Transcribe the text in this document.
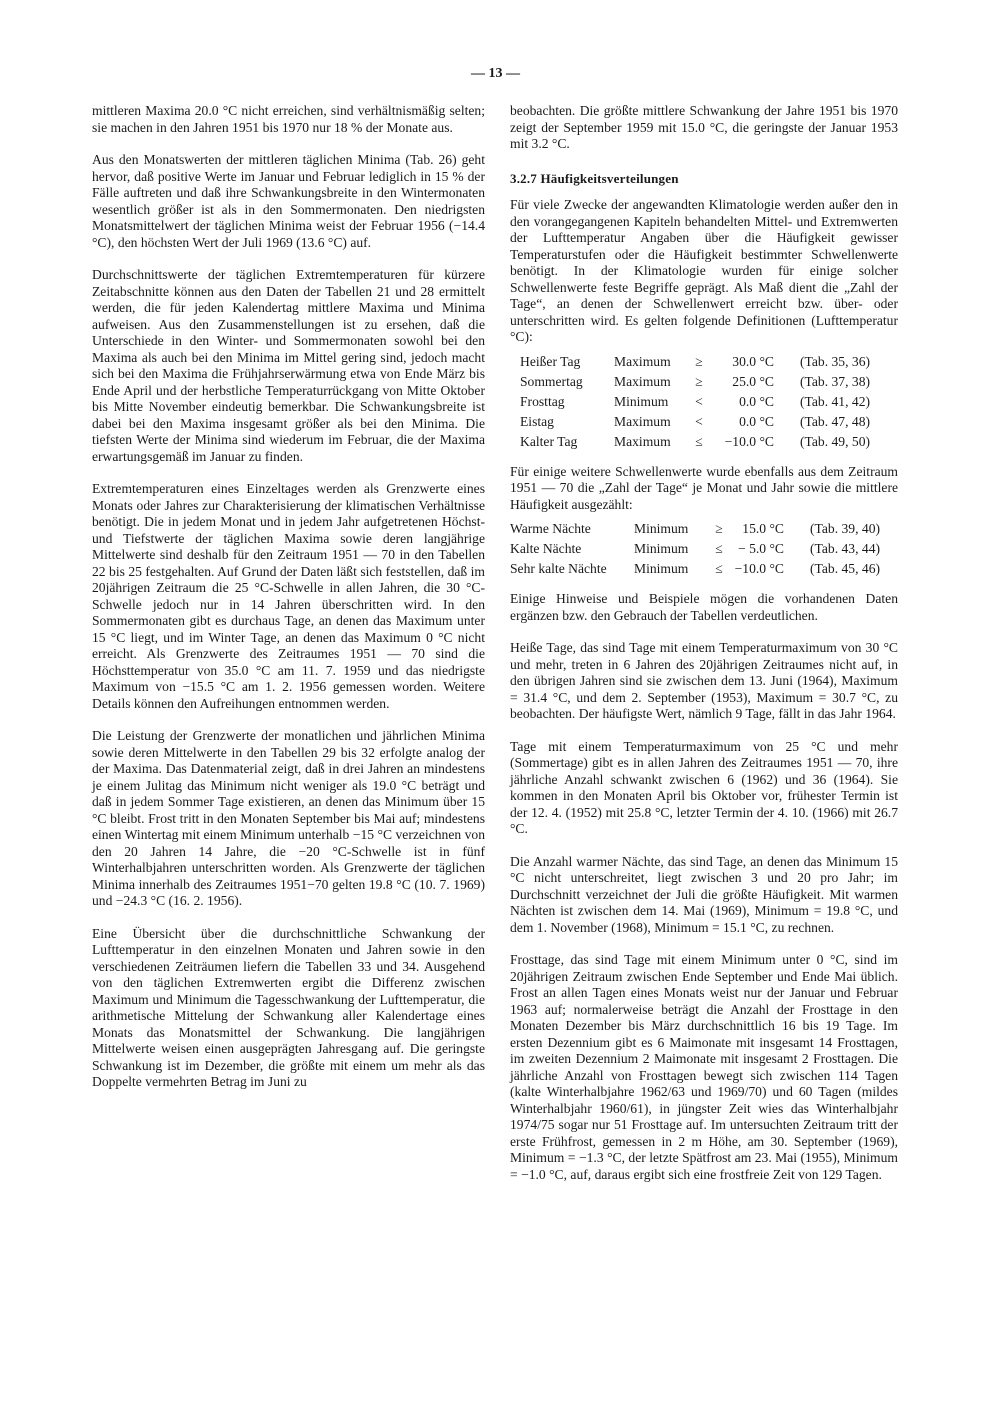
— 13 —

mittleren Maxima 20.0 °C nicht erreichen, sind verhältnismäßig selten; sie machen in den Jahren 1951 bis 1970 nur 18 % der Monate aus.

Aus den Monatswerten der mittleren täglichen Minima (Tab. 26) geht hervor, daß positive Werte im Januar und Februar lediglich in 15 % der Fälle auftreten und daß ihre Schwankungsbreite in den Wintermonaten wesentlich größer ist als in den Sommermonaten. Den niedrigsten Monatsmittelwert der täglichen Minima weist der Februar 1956 (−14.4 °C), den höchsten Wert der Juli 1969 (13.6 °C) auf.

Durchschnittswerte der täglichen Extremtemperaturen für kürzere Zeitabschnitte können aus den Daten der Tabellen 21 und 28 ermittelt werden, die für jeden Kalendertag mittlere Maxima und Minima aufweisen. Aus den Zusammenstellungen ist zu ersehen, daß die Unterschiede in den Winter- und Sommermonaten sowohl bei den Maxima als auch bei den Minima im Mittel gering sind, jedoch macht sich bei den Maxima die Frühjahrserwärmung etwa von Ende März bis Ende April und der herbstliche Temperaturrückgang von Mitte Oktober bis Mitte November eindeutig bemerkbar. Die Schwankungsbreite ist dabei bei den Maxima insgesamt größer als bei den Minima. Die tiefsten Werte der Minima sind wiederum im Februar, die der Maxima erwartungsgemäß im Januar zu finden.

Extremtemperaturen eines Einzeltages werden als Grenzwerte eines Monats oder Jahres zur Charakterisierung der klimatischen Verhältnisse benötigt. Die in jedem Monat und in jedem Jahr aufgetretenen Höchst- und Tiefstwerte der täglichen Maxima sowie deren langjährige Mittelwerte sind deshalb für den Zeitraum 1951 — 70 in den Tabellen 22 bis 25 festgehalten. Auf Grund der Daten läßt sich feststellen, daß im 20jährigen Zeitraum die 25 °C-Schwelle in allen Jahren, die 30 °C-Schwelle jedoch nur in 14 Jahren überschritten wird. In den Sommermonaten gibt es durchaus Tage, an denen das Maximum unter 15 °C liegt, und im Winter Tage, an denen das Maximum 0 °C nicht erreicht. Als Grenzwerte des Zeitraumes 1951 — 70 sind die Höchsttemperatur von 35.0 °C am 11. 7. 1959 und das niedrigste Maximum von −15.5 °C am 1. 2. 1956 gemessen worden. Weitere Details können den Aufreihungen entnommen werden.

Die Leistung der Grenzwerte der monatlichen und jährlichen Minima sowie deren Mittelwerte in den Tabellen 29 bis 32 erfolgte analog der der Maxima. Das Datenmaterial zeigt, daß in drei Jahren an mindestens je einem Julitag das Minimum nicht weniger als 19.0 °C beträgt und daß in jedem Sommer Tage existieren, an denen das Minimum über 15 °C bleibt. Frost tritt in den Monaten September bis Mai auf; mindestens einen Wintertag mit einem Minimum unterhalb −15 °C verzeichnen von den 20 Jahren 14 Jahre, die −20 °C-Schwelle ist in fünf Winterhalbjahren unterschritten worden. Als Grenzwerte der täglichen Minima innerhalb des Zeitraumes 1951−70 gelten 19.8 °C (10. 7. 1969) und −24.3 °C (16. 2. 1956).

Eine Übersicht über die durchschnittliche Schwankung der Lufttemperatur in den einzelnen Monaten und Jahren sowie in den verschiedenen Zeiträumen liefern die Tabellen 33 und 34. Ausgehend von den täglichen Extremwerten ergibt die Differenz zwischen Maximum und Minimum die Tagesschwankung der Lufttemperatur, die arithmetische Mittelung der Schwankung aller Kalendertage eines Monats das Monatsmittel der Schwankung. Die langjährigen Mittelwerte weisen einen ausgeprägten Jahresgang auf. Die geringste Schwankung ist im Dezember, die größte mit einem um mehr als das Doppelte vermehrten Betrag im Juni zu

beobachten. Die größte mittlere Schwankung der Jahre 1951 bis 1970 zeigt der September 1959 mit 15.0 °C, die geringste der Januar 1953 mit 3.2 °C.

3.2.7 Häufigkeitsverteilungen

Für viele Zwecke der angewandten Klimatologie werden außer den in den vorangegangenen Kapiteln behandelten Mittel- und Extremwerten der Lufttemperatur Angaben über die Häufigkeit gewisser Temperaturstufen oder die Häufigkeit bestimmter Schwellenwerte benötigt. In der Klimatologie wurden für einige solcher Schwellenwerte feste Begriffe geprägt. Als Maß dient die „Zahl der Tage“, an denen der Schwellenwert erreicht bzw. über- oder unterschritten wird. Es gelten folgende Definitionen (Lufttemperatur °C):

Heißer Tag	Maximum	≥	30.0 °C		(Tab. 35, 36)
Sommertag	Maximum	≥	25.0 °C		(Tab. 37, 38)
Frosttag	Minimum	<	0.0 °C		(Tab. 41, 42)
Eistag	Maximum	<	0.0 °C		(Tab. 47, 48)
Kalter Tag	Maximum	≤	−10.0 °C		(Tab. 49, 50)

Für einige weitere Schwellenwerte wurde ebenfalls aus dem Zeitraum 1951 — 70 die „Zahl der Tage“ je Monat und Jahr sowie die mittlere Häufigkeit ausgezählt:

Warme Nächte	Minimum	≥	15.0 °C		(Tab. 39, 40)
Kalte Nächte	Minimum	≤	− 5.0 °C		(Tab. 43, 44)
Sehr kalte Nächte	Minimum	≤	−10.0 °C		(Tab. 45, 46)

Einige Hinweise und Beispiele mögen die vorhandenen Daten ergänzen bzw. den Gebrauch der Tabellen verdeutlichen.

Heiße Tage, das sind Tage mit einem Temperaturmaximum von 30 °C und mehr, treten in 6 Jahren des 20jährigen Zeitraumes nicht auf, in den übrigen Jahren sind sie zwischen dem 13. Juni (1964), Maximum = 31.4 °C, und dem 2. September (1953), Maximum = 30.7 °C, zu beobachten. Der häufigste Wert, nämlich 9 Tage, fällt in das Jahr 1964.

Tage mit einem Temperaturmaximum von 25 °C und mehr (Sommertage) gibt es in allen Jahren des Zeitraumes 1951 — 70, ihre jährliche Anzahl schwankt zwischen 6 (1962) und 36 (1964). Sie kommen in den Monaten April bis Oktober vor, frühester Termin ist der 12. 4. (1952) mit 25.8 °C, letzter Termin der 4. 10. (1966) mit 26.7 °C.

Die Anzahl warmer Nächte, das sind Tage, an denen das Minimum 15 °C nicht unterschreitet, liegt zwischen 3 und 20 pro Jahr; im Durchschnitt verzeichnet der Juli die größte Häufigkeit. Mit warmen Nächten ist zwischen dem 14. Mai (1969), Minimum = 19.8 °C, und dem 1. November (1968), Minimum = 15.1 °C, zu rechnen.

Frosttage, das sind Tage mit einem Minimum unter 0 °C, sind im 20jährigen Zeitraum zwischen Ende September und Ende Mai üblich. Frost an allen Tagen eines Monats weist nur der Januar und Februar 1963 auf; normalerweise beträgt die Anzahl der Frosttage in den Monaten Dezember bis März durchschnittlich 16 bis 19 Tage. Im ersten Dezennium gibt es 6 Maimonate mit insgesamt 14 Frosttagen, im zweiten Dezennium 2 Maimonate mit insgesamt 2 Frosttagen. Die jährliche Anzahl von Frosttagen bewegt sich zwischen 114 Tagen (kalte Winterhalbjahre 1962/63 und 1969/70) und 60 Tagen (mildes Winterhalbjahr 1960/61), in jüngster Zeit wies das Winterhalbjahr 1974/75 sogar nur 51 Frosttage auf. Im untersuchten Zeitraum tritt der erste Frühfrost, gemessen in 2 m Höhe, am 30. September (1969), Minimum = −1.3 °C, der letzte Spätfrost am 23. Mai (1955), Minimum = −1.0 °C, auf, daraus ergibt sich eine frostfreie Zeit von 129 Tagen.
